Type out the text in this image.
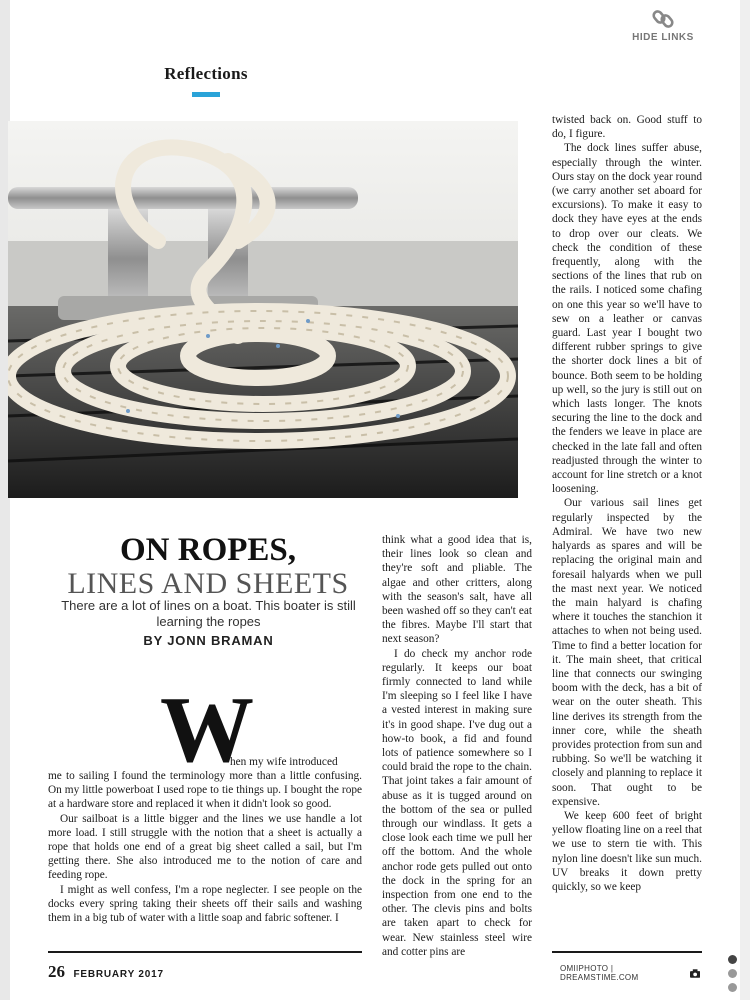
HIDE LINKS
Reflections
ON ROPES,
LINES AND SHEETS
There are a lot of lines on a boat. This boater is still learning the ropes
BY JONN BRAMAN
W
hen my wife introduced

me to sailing I found the terminology more than a little confusing. On my little powerboat I used rope to tie things up. I bought the rope at a hardware store and replaced it when it didn't look so good.

Our sailboat is a little bigger and the lines we use handle a lot more load. I still struggle with the notion that a sheet is actually a rope that holds one end of a great big sheet called a sail, but I'm getting there. She also introduced me to the notion of care and feeding rope.

I might as well confess, I'm a rope neglecter. I see people on the docks every spring taking their sheets off their sails and washing them in a big tub of water with a little soap and fabric softener. I

think what a good idea that is, their lines look so clean and they're soft and pliable. The algae and other critters, along with the season's salt, have all been washed off so they can't eat the fibres. Maybe I'll start that next season?

I do check my anchor rode regularly. It keeps our boat firmly connected to land while I'm sleeping so I feel like I have a vested interest in making sure it's in good shape. I've dug out a how-to book, a fid and found lots of patience somewhere so I could braid the rope to the chain. That joint takes a fair amount of abuse as it is tugged around on the bottom of the sea or pulled through our windlass. It gets a close look each time we pull her off the bottom. And the whole anchor rode gets pulled out onto the dock in the spring for an inspection from one end to the other. The clevis pins and bolts are taken apart to check for wear. New stainless steel wire and cotter pins are

twisted back on. Good stuff to do, I figure.

The dock lines suffer abuse, especially through the winter. Ours stay on the dock year round (we carry another set aboard for excursions). To make it easy to dock they have eyes at the ends to drop over our cleats. We check the condition of these frequently, along with the sections of the lines that rub on the rails. I noticed some chafing on one this year so we'll have to sew on a leather or canvas guard. Last year I bought two different rubber springs to give the shorter dock lines a bit of bounce. Both seem to be holding up well, so the jury is still out on which lasts longer. The knots securing the line to the dock and the fenders we leave in place are checked in the late fall and often readjusted through the winter to account for line stretch or a knot loosening.

Our various sail lines get regularly inspected by the Admiral. We have two new halyards as spares and will be replacing the original main and foresail halyards when we pull the mast next year. We noticed the main halyard is chafing where it touches the stanchion it attaches to when not being used. Time to find a better location for it. The main sheet, that critical line that connects our swinging boom with the deck, has a bit of wear on the outer sheath. This line derives its strength from the inner core, while the sheath provides protection from sun and rubbing. So we'll be watching it closely and planning to replace it soon. That ought to be expensive.

We keep 600 feet of bright yellow floating line on a reel that we use to stern tie with. This nylon line doesn't like sun much. UV breaks it down pretty quickly, so we keep

26 FEBRUARY 2017
OMIIPHOTO | DREAMSTIME.COM
